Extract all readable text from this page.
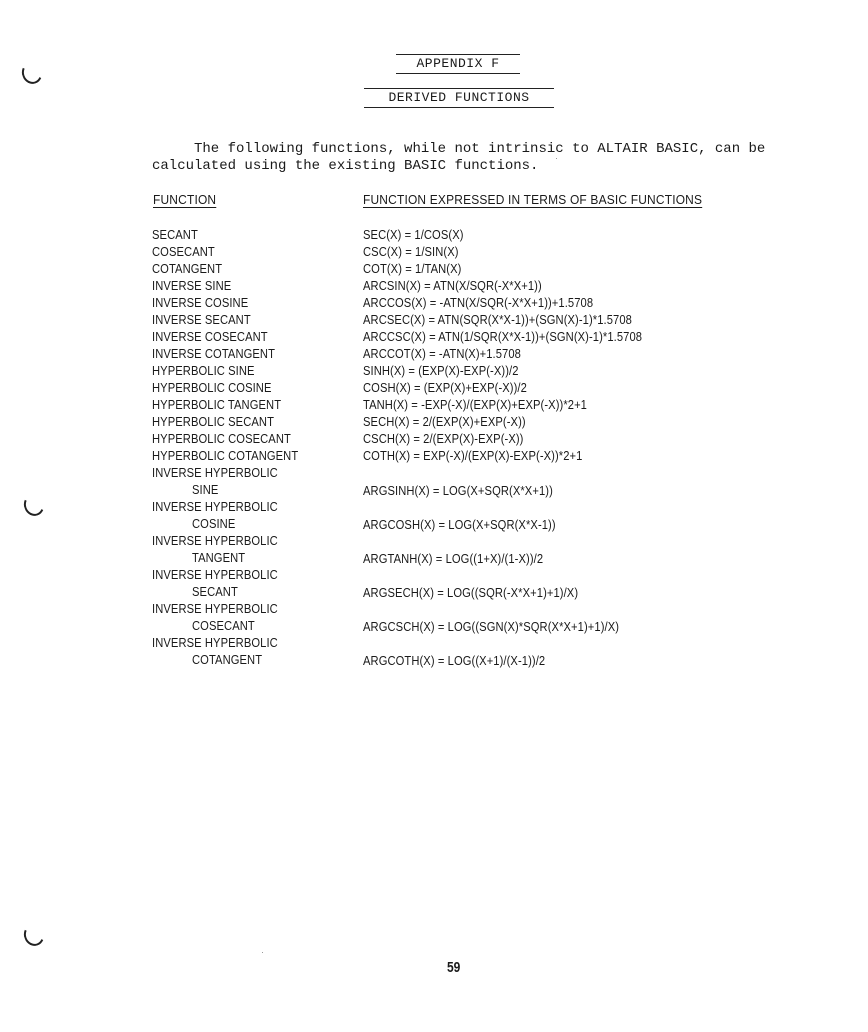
APPENDIX F
DERIVED FUNCTIONS
The following functions, while not intrinsic to ALTAIR BASIC, can be
calculated using the existing BASIC functions.
FUNCTION	FUNCTION EXPRESSED IN TERMS OF BASIC FUNCTIONS
SECANT	SEC(X) = 1/COS(X)
COSECANT	CSC(X) = 1/SIN(X)
COTANGENT	COT(X) = 1/TAN(X)
INVERSE SINE	ARCSIN(X) = ATN(X/SQR(-X*X+1))
INVERSE COSINE	ARCCOS(X) = -ATN(X/SQR(-X*X+1))+1.5708
INVERSE SECANT	ARCSEC(X) = ATN(SQR(X*X-1))+(SGN(X)-1)*1.5708
INVERSE COSECANT	ARCCSC(X) = ATN(1/SQR(X*X-1))+(SGN(X)-1)*1.5708
INVERSE COTANGENT	ARCCOT(X) = -ATN(X)+1.5708
HYPERBOLIC SINE	SINH(X) = (EXP(X)-EXP(-X))/2
HYPERBOLIC COSINE	COSH(X) = (EXP(X)+EXP(-X))/2
HYPERBOLIC TANGENT	TANH(X) = -EXP(-X)/(EXP(X)+EXP(-X))*2+1
HYPERBOLIC SECANT	SECH(X) = 2/(EXP(X)+EXP(-X))
HYPERBOLIC COSECANT	CSCH(X) = 2/(EXP(X)-EXP(-X))
HYPERBOLIC COTANGENT	COTH(X) = EXP(-X)/(EXP(X)-EXP(-X))*2+1
INVERSE HYPERBOLIC
SINE	ARGSINH(X) = LOG(X+SQR(X*X+1))
INVERSE HYPERBOLIC
COSINE	ARGCOSH(X) = LOG(X+SQR(X*X-1))
INVERSE HYPERBOLIC
TANGENT	ARGTANH(X) = LOG((1+X)/(1-X))/2
INVERSE HYPERBOLIC
SECANT	ARGSECH(X) = LOG((SQR(-X*X+1)+1)/X)
INVERSE HYPERBOLIC
COSECANT	ARGCSCH(X) = LOG((SGN(X)*SQR(X*X+1)+1)/X)
INVERSE HYPERBOLIC
COTANGENT	ARGCOTH(X) = LOG((X+1)/(X-1))/2
59
